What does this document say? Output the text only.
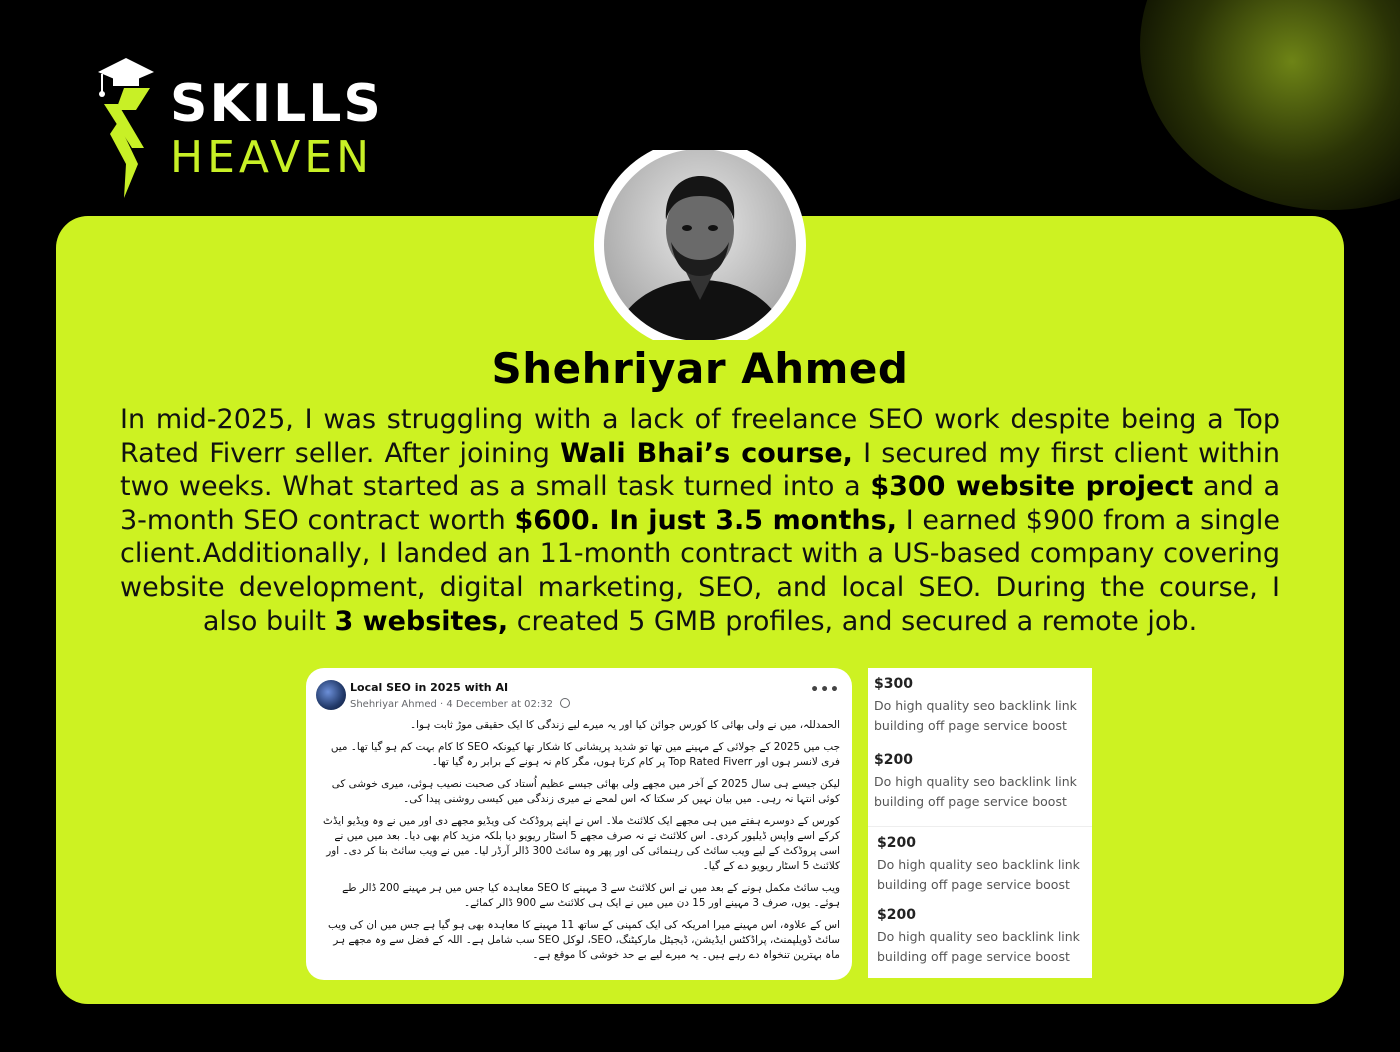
SKILLS
HEAVEN
Shehriyar Ahmed

In mid-2025, I was struggling with a lack of freelance SEO work despite being a Top Rated Fiverr seller. After joining Wali Bhai’s course, I secured my first client within two weeks. What started as a small task turned into a $300 website project and a 3-month SEO contract worth $600. In just 3.5 months, I earned $900 from a single client.Additionally, I landed an 11-month contract with a US-based company covering website development, digital marketing, SEO, and local SEO. During the course, I also built 3 websites, created 5 GMB profiles, and secured a remote job.

Local SEO in 2025 with AI
Shehriyar Ahmed · 4 December at 02:32
•••

الحمدللہ، میں نے ولی بھائی کا کورس جوائن کیا اور یہ میرے لیے زندگی کا ایک حقیقی موڑ ثابت ہوا۔

جب میں 2025 کے جولائی کے مہینے میں تھا تو شدید پریشانی کا شکار تھا کیونکہ SEO کا کام بہت کم ہو گیا تھا۔ میں فری لانسر ہوں اور Top Rated Fiverr پر کام کرتا ہوں، مگر کام نہ ہونے کے برابر رہ گیا تھا۔

لیکن جیسے ہی سال 2025 کے آخر میں مجھے ولی بھائی جیسے عظیم اُستاد کی صحبت نصیب ہوئی، میری خوشی کی کوئی انتہا نہ رہی۔ میں بیان نہیں کر سکتا کہ اس لمحے نے میری زندگی میں کیسی روشنی پیدا کی۔

کورس کے دوسرے ہفتے میں ہی مجھے ایک کلائنٹ ملا۔ اس نے اپنے پروڈکٹ کی ویڈیو مجھے دی اور میں نے وہ ویڈیو ایڈٹ کرکے اسے واپس ڈیلیور کردی۔ اس کلائنٹ نے نہ صرف مجھے 5 اسٹار ریویو دیا بلکہ مزید کام بھی دیا۔ بعد میں میں نے اسی پروڈکٹ کے لیے ویب سائٹ کی رہنمائی کی اور پھر وہ سائٹ 300 ڈالر آرڈر لیا۔ میں نے ویب سائٹ بنا کر دی۔ اور کلائنٹ 5 اسٹار ریویو دے کے گیا۔

ویب سائٹ مکمل ہونے کے بعد میں نے اس کلائنٹ سے 3 مہینے کا SEO معاہدہ کیا جس میں ہر مہینے 200 ڈالر طے ہوئے۔ یوں، صرف 3 مہینے اور 15 دن میں میں نے ایک ہی کلائنٹ سے 900 ڈالر کمائے۔

اس کے علاوہ، اس مہینے میرا امریکہ کی ایک کمپنی کے ساتھ 11 مہینے کا معاہدہ بھی ہو گیا ہے جس میں ان کی ویب سائٹ ڈویلپمنٹ، پراڈکٹس ایڈیشن، ڈیجیٹل مارکیٹنگ، SEO، لوکل SEO سب شامل ہے۔ اللہ کے فضل سے وہ مجھے ہر ماہ بہترین تنخواہ دے رہے ہیں۔ یہ میرے لیے بے حد خوشی کا موقع ہے۔

$300
Do high quality seo backlink link building off page service boost
$200
Do high quality seo backlink link building off page service boost
$200
Do high quality seo backlink link building off page service boost
$200
Do high quality seo backlink link building off page service boost
